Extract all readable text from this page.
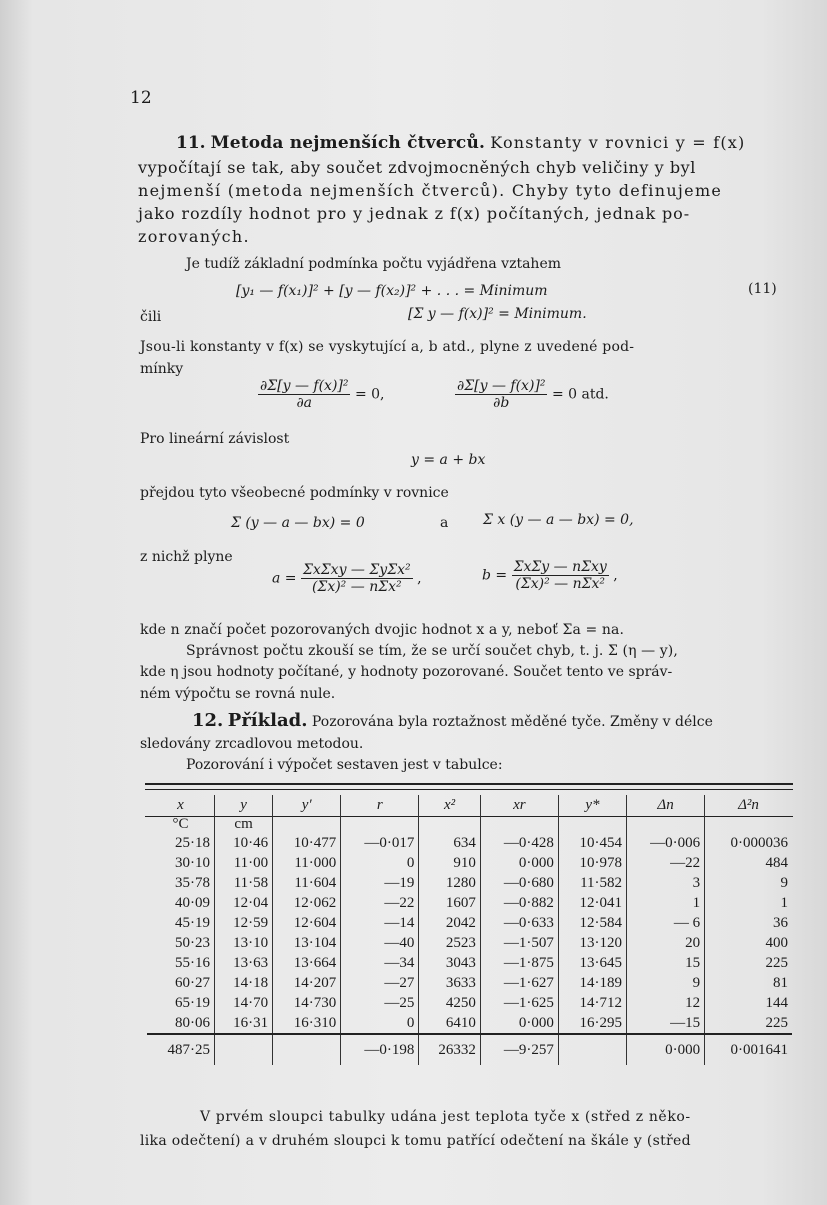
12
11. Metoda nejmenších čtverců. Konstanty v rovnici y = f(x)
vypočítají se tak, aby součet zdvojmocněných chyb veličiny y byl
nejmenší (metoda nejmenších čtverců). Chyby tyto definujeme
jako rozdíly hodnot pro y jednak z f(x) počítaných, jednak po-
zorovaných.
Je tudíž základní podmínka počtu vyjádřena vztahem
[y₁ — f(x₁)]² + [y — f(x₂)]² + . . . = Minimum	(11)
čili	[Σ y — f(x)]² = Minimum.
Jsou-li konstanty v f(x) se vyskytující a, b atd., plyne z uvedené pod-
mínky
$\frac{\text{∂Σ[y — f(x)]²}}{\partial a} = 0$,	$\frac{\text{∂Σ[y — f(x)]²}}{\partial b} = 0$ atd.
Pro lineární závislost
y = a + bx
přejdou tyto všeobecné podmínky v rovnice
Σ (y — a — bx) = 0	a Σ x (y — a — bx) = 0,
z nichž plyne
$a = \frac{\text{ΣxΣxy — ΣyΣx²}}{\text{(Σx)² — nΣx²}}$ ,	$b = \frac{\text{ΣxΣy — nΣxy}}{\text{(Σx)² — nΣx²}}$ ,
kde n značí počet pozorovaných dvojic hodnot x a y, neboť Σa = na.
Správnost počtu zkouší se tím, že se určí součet chyb, t. j. Σ (η — y),
kde η jsou hodnoty počítané, y hodnoty pozorované. Součet tento ve správ-
ném výpočtu se rovná nule.
12. Příklad. Pozorována byla roztažnost měděné tyče. Změny v délce
sledovány zrcadlovou metodou.
Pozorování i výpočet sestaven jest v tabulce:
x	y	y′	r	x²	xr	y*	Δn	Δ²n
°C	cm							
25·18	10·46	10·477	—0·017	634	—0·428	10·454	—0·006	0·000036
30·10	11·00	11·000	0	910	0·000	10·978	—22	484
35·78	11·58	11·604	—19	1280	—0·680	11·582	3	9
40·09	12·04	12·062	—22	1607	—0·882	12·041	1	1
45·19	12·59	12·604	—14	2042	—0·633	12·584	— 6	36
50·23	13·10	13·104	—40	2523	—1·507	13·120	20	400
55·16	13·63	13·664	—34	3043	—1·875	13·645	15	225
60·27	14·18	14·207	—27	3633	—1·627	14·189	9	81
65·19	14·70	14·730	—25	4250	—1·625	14·712	12	144
80·06	16·31	16·310	0	6410	0·000	16·295	—15	225
487·25			—0·198	26332	—9·257		0·000	0·001641
V prvém sloupci tabulky udána jest teplota tyče x (střed z něko-
lika odečtení) a v druhém sloupci k tomu patřící odečtení na škále y (střed
